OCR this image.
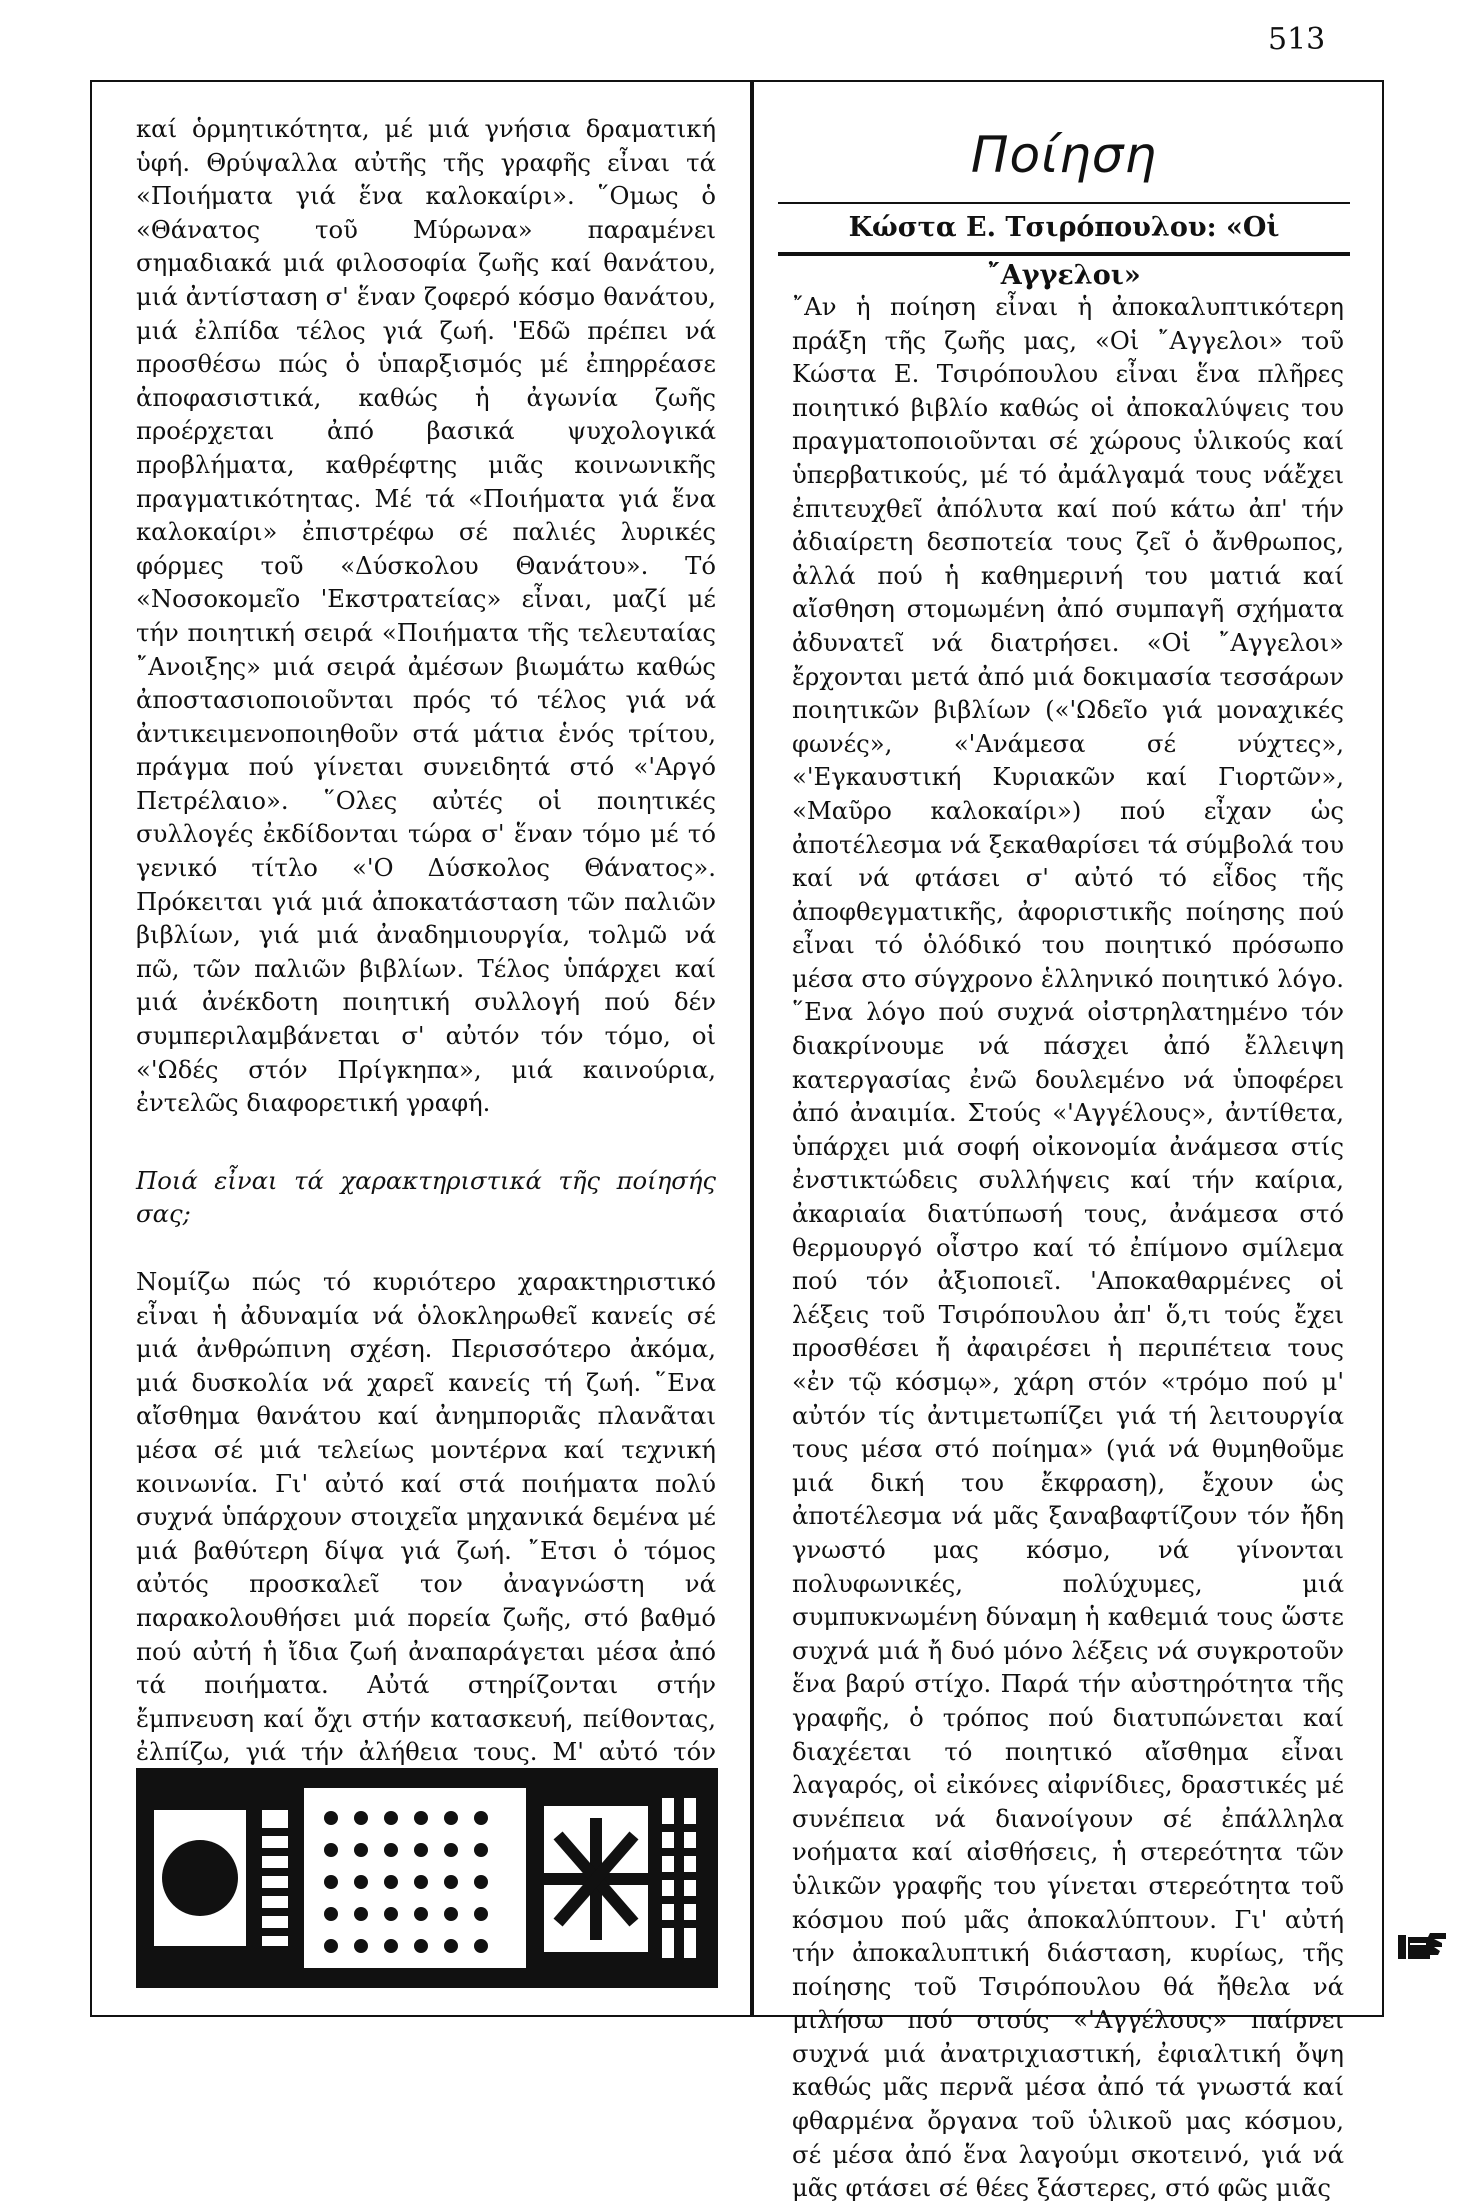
513

καί ὁρμητικότητα, μέ μιά γνήσια δραματική ὑφή. Θρύψαλλα αὐτῆς τῆς γραφῆς εἶναι τά «Ποιήματα γιά ἕνα καλοκαίρι». ῞Ομως ὁ «Θάνατος τοῦ Μύρωνα» παραμένει σημαδιακά μιά φιλοσοφία ζωῆς καί θανάτου, μιά ἀντίσταση σ' ἕναν ζοφερό κόσμο θανάτου, μιά ἐλπίδα τέλος γιά ζωή. 'Εδῶ πρέπει νά προσθέσω πώς ὁ ὑπαρξισμός μέ ἐπηρρέασε ἀποφασιστικά, καθώς ἡ ἀγωνία ζωῆς προέρχεται ἀπό βασικά ψυχολογικά προβλήματα, καθρέφτης μιᾶς κοινωνικῆς πραγματικότητας. Μέ τά «Ποιήματα γιά ἕνα καλοκαίρι» ἐπιστρέφω σέ παλιές λυρικές φόρμες τοῦ «Δύσκολου Θανάτου». Τό «Νοσοκομεῖο 'Εκστρατείας» εἶναι, μαζί μέ τήν ποιητική σειρά «Ποιήματα τῆς τελευταίας ῎Ανοιξης» μιά σειρά ἀμέσων βιωμάτω καθώς ἀποστασιοποιοῦνται πρός τό τέλος γιά νά ἀντικειμενοποιηθοῦν στά μάτια ἑνός τρίτου, πράγμα πού γίνεται συνειδητά στό «'Αργό Πετρέλαιο». ῞Ολες αὐτές οἱ ποιητικές συλλογές ἐκδίδονται τώρα σ' ἕναν τόμο μέ τό γενικό τίτλο «'Ο Δύσκολος Θάνατος». Πρόκειται γιά μιά ἀποκατάσταση τῶν παλιῶν βιβλίων, γιά μιά ἀναδημιουργία, τολμῶ νά πῶ, τῶν παλιῶν βιβλίων. Τέλος ὑπάρχει καί μιά ἀνέκδοτη ποιητική συλλογή πού δέν συμπεριλαμβάνεται σ' αὐτόν τόν τόμο, οἱ «'Ωδές στόν Πρίγκηπα», μιά καινούρια, ἐντελῶς διαφορετική γραφή.

Ποιά εἶναι τά χαρακτηριστικά τῆς ποίησής σας;

Νομίζω πώς τό κυριότερο χαρακτηριστικό εἶναι ἡ ἀδυναμία νά ὁλοκληρωθεῖ κανείς σέ μιά ἀνθρώπινη σχέση. Περισσότερο ἀκόμα, μιά δυσκολία νά χαρεῖ κανείς τή ζωή. ῞Ενα αἴσθημα θανάτου καί ἀνημποριᾶς πλανᾶται μέσα σέ μιά τελείως μοντέρνα καί τεχνική κοινωνία. Γι' αὐτό καί στά ποιήματα πολύ συχνά ὑπάρχουν στοιχεῖα μηχανικά δεμένα μέ μιά βαθύτερη δίψα γιά ζωή. ῎Ετσι ὁ τόμος αὐτός προσκαλεῖ τον ἀναγνώστη νά παρακολουθήσει μιά πορεία ζωῆς, στό βαθμό πού αὐτή ἡ ἴδια ζωή ἀναπαράγεται μέσα ἀπό τά ποιήματα. Αὐτά στηρίζονται στήν ἔμπνευση καί ὄχι στήν κατασκευή, πείθοντας, ἐλπίζω, γιά τήν ἀλήθεια τους. Μ' αὐτό τόν

Ποίηση
Κώστα Ε. Τσιρόπουλου: «Οἱ ῎Αγγελοι»

῎Αν ἡ ποίηση εἶναι ἡ ἀποκαλυπτικότερη πράξη τῆς ζωῆς μας, «Οἱ ῎Αγγελοι» τοῦ Κώστα Ε. Τσιρόπουλου εἶναι ἕνα πλῆρες ποιητικό βιβλίο καθώς οἱ ἀποκαλύψεις του πραγματοποιοῦνται σέ χώρους ὑλικούς καί ὑπερβατικούς, μέ τό ἀμάλγαμά τους νάἔχει ἐπιτευχθεῖ ἀπόλυτα καί πού κάτω ἀπ' τήν ἀδιαίρετη δεσποτεία τους ζεῖ ὁ ἄνθρωπος, ἀλλά πού ἡ καθημερινή του ματιά καί αἴσθηση στομωμένη ἀπό συμπαγῆ σχήματα ἀδυνατεῖ νά διατρήσει. «Οἱ ῎Αγγελοι» ἔρχονται μετά ἀπό μιά δοκιμασία τεσσάρων ποιητικῶν βιβλίων («'Ωδεῖο γιά μοναχικές φωνές», «'Ανάμεσα σέ νύχτες», «'Εγκαυστική Κυριακῶν καί Γιορτῶν», «Μαῦρο καλοκαίρι») πού εἶχαν ὡς ἀποτέλεσμα νά ξεκαθαρίσει τά σύμβολά του καί νά φτάσει σ' αὐτό τό εἶδος τῆς ἀποφθεγματικῆς, ἀφοριστικῆς ποίησης πού εἶναι τό ὁλόδικό του ποιητικό πρόσωπο μέσα στο σύγχρονο ἑλληνικό ποιητικό λόγο. ῞Ενα λόγο πού συχνά οἰστρηλατημένο τόν διακρίνουμε νά πάσχει ἀπό ἔλλειψη κατεργασίας ἐνῶ δουλεμένο νά ὑποφέρει ἀπό ἀναιμία. Στούς «'Αγγέλους», ἀντίθετα, ὑπάρχει μιά σοφή οἰκονομία ἀνάμεσα στίς ἐνστικτώδεις συλλήψεις καί τήν καίρια, ἀκαριαία διατύπωσή τους, ἀνάμεσα στό θερμουργό οἶστρο καί τό ἐπίμονο σμίλεμα πού τόν ἀξιοποιεῖ. 'Αποκαθαρμένες οἱ λέξεις τοῦ Τσιρόπουλου ἀπ' ὅ,τι τούς ἔχει προσθέσει ἤ ἀφαιρέσει ἡ περιπέτεια τους «ἐν τῷ κόσμῳ», χάρη στόν «τρόμο πού μ' αὐτόν τίς ἀντιμετωπίζει γιά τή λειτουργία τους μέσα στό ποίημα» (γιά νά θυμηθοῦμε μιά δική του ἔκφραση), ἔχουν ὡς ἀποτέλεσμα νά μᾶς ξαναβαφτίζουν τόν ἤδη γνωστό μας κόσμο, νά γίνονται πολυφωνικές, πολύχυμες, μιά συμπυκνωμένη δύναμη ἡ καθεμιά τους ὥστε συχνά μιά ἤ δυό μόνο λέξεις νά συγκροτοῦν ἕνα βαρύ στίχο. Παρά τήν αὐστηρότητα τῆς γραφῆς, ὁ τρόπος πού διατυπώνεται καί διαχέεται τό ποιητικό αἴσθημα εἶναι λαγαρός, οἱ εἰκόνες αἰφνίδιες, δραστικές μέ συνέπεια νά διανοίγουν σέ ἐπάλληλα νοήματα καί αἰσθήσεις, ἡ στερεότητα τῶν ὑλικῶν γραφῆς του γίνεται στερεότητα τοῦ κόσμου πού μᾶς ἀποκαλύπτουν. Γι' αὐτή τήν ἀποκαλυπτική διάσταση, κυρίως, τῆς ποίησης τοῦ Τσιρόπουλου θά ἤθελα νά μιλήσω πού στούς «'Αγγέλους» παίρνει συχνά μιά ἀνατριχιαστική, ἐφιαλτική ὄψη καθώς μᾶς περνᾶ μέσα ἀπό τά γνωστά καί φθαρμένα ὄργανα τοῦ ὑλικοῦ μας κόσμου, σέ μέσα ἀπό ἕνα λαγούμι σκοτεινό, γιά νά μᾶς φτάσει σέ θέες ξάστερες, στό φῶς μιᾶς
